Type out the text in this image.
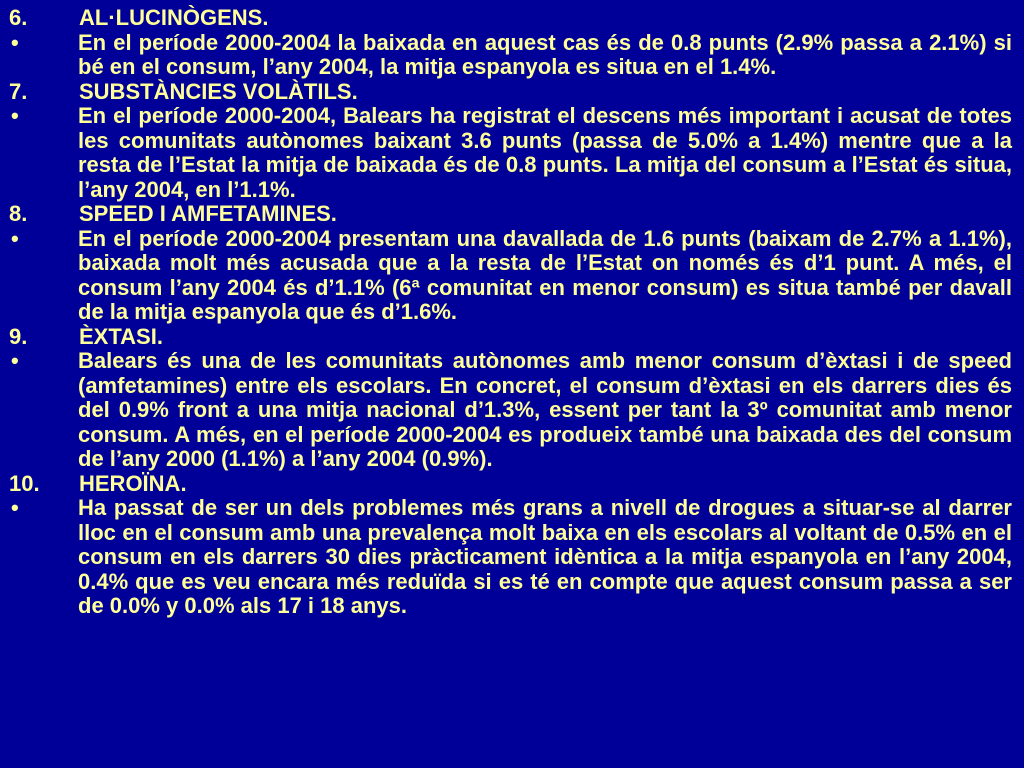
6.	AL·LUCINÒGENS.
•	En el període 2000-2004 la baixada en aquest cas és de 0.8 punts (2.9% passa a 2.1%) si bé en el consum, l’any 2004, la mitja espanyola es situa en el 1.4%.
7.	SUBSTÀNCIES VOLÀTILS.
•	En el període 2000-2004, Balears ha registrat el descens més important i acusat de totes les comunitats autònomes baixant 3.6 punts (passa de 5.0% a 1.4%) mentre que a la resta de l’Estat la mitja de baixada és de 0.8 punts. La mitja del consum a l’Estat és situa, l’any 2004, en l’1.1%.
8.	SPEED I AMFETAMINES.
•	En el període 2000-2004 presentam una davallada de 1.6 punts (baixam de 2.7% a 1.1%), baixada molt més acusada que a la resta de l’Estat on només és d’1 punt. A més, el consum l’any 2004 és d’1.1% (6ª comunitat en menor consum) es situa també per davall de la mitja espanyola que és d’1.6%.
9.	ÈXTASI.
•	Balears és una de les comunitats autònomes amb menor consum d’èxtasi i de speed (amfetamines) entre els escolars. En concret, el consum d’èxtasi en els darrers dies és del 0.9% front a una mitja nacional d’1.3%, essent per tant la 3º comunitat amb menor consum. A més, en el període 2000-2004 es produeix també una baixada des del consum de l’any 2000 (1.1%) a l’any 2004 (0.9%).
10.	HEROÏNA.
•	Ha passat de ser un dels problemes més grans a nivell de drogues a situar-se al darrer lloc en el consum amb una prevalença molt baixa en els escolars al voltant de 0.5% en el consum en els darrers 30 dies pràcticament idèntica a la mitja espanyola en l’any 2004, 0.4% que es veu encara més reduïda si es té en compte que aquest consum passa a ser de 0.0% y 0.0% als 17 i 18 anys.
